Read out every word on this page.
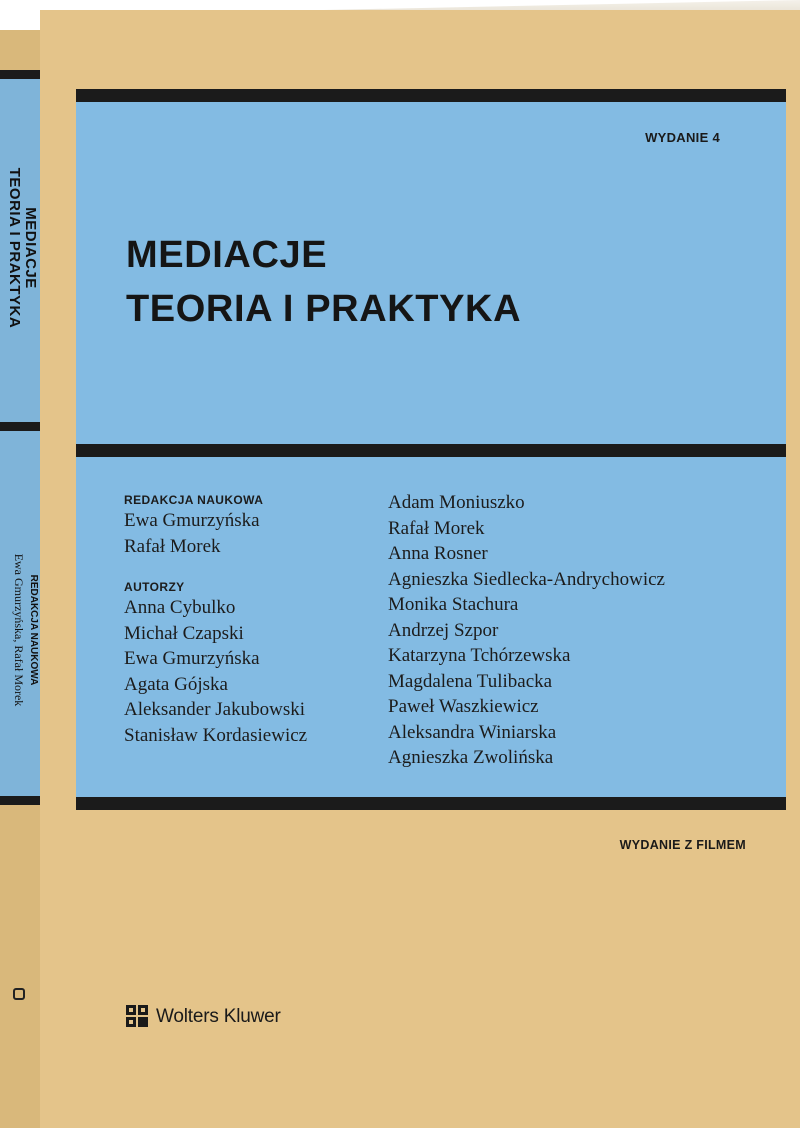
MEDIACJE
TEORIA I PRAKTYKA
REDAKCJA NAUKOWA
Ewa Gmurzyńska, Rafał Morek
WYDANIE 4
MEDIACJE
TEORIA I PRAKTYKA
REDAKCJA NAUKOWA
Ewa Gmurzyńska
Rafał Morek
AUTORZY
Anna Cybulko
Michał Czapski
Ewa Gmurzyńska
Agata Gójska
Aleksander Jakubowski
Stanisław Kordasiewicz
Adam Moniuszko
Rafał Morek
Anna Rosner
Agnieszka Siedlecka-Andrychowicz
Monika Stachura
Andrzej Szpor
Katarzyna Tchórzewska
Magdalena Tulibacka
Paweł Waszkiewicz
Aleksandra Winiarska
Agnieszka Zwolińska
WYDANIE Z FILMEM
Wolters Kluwer
